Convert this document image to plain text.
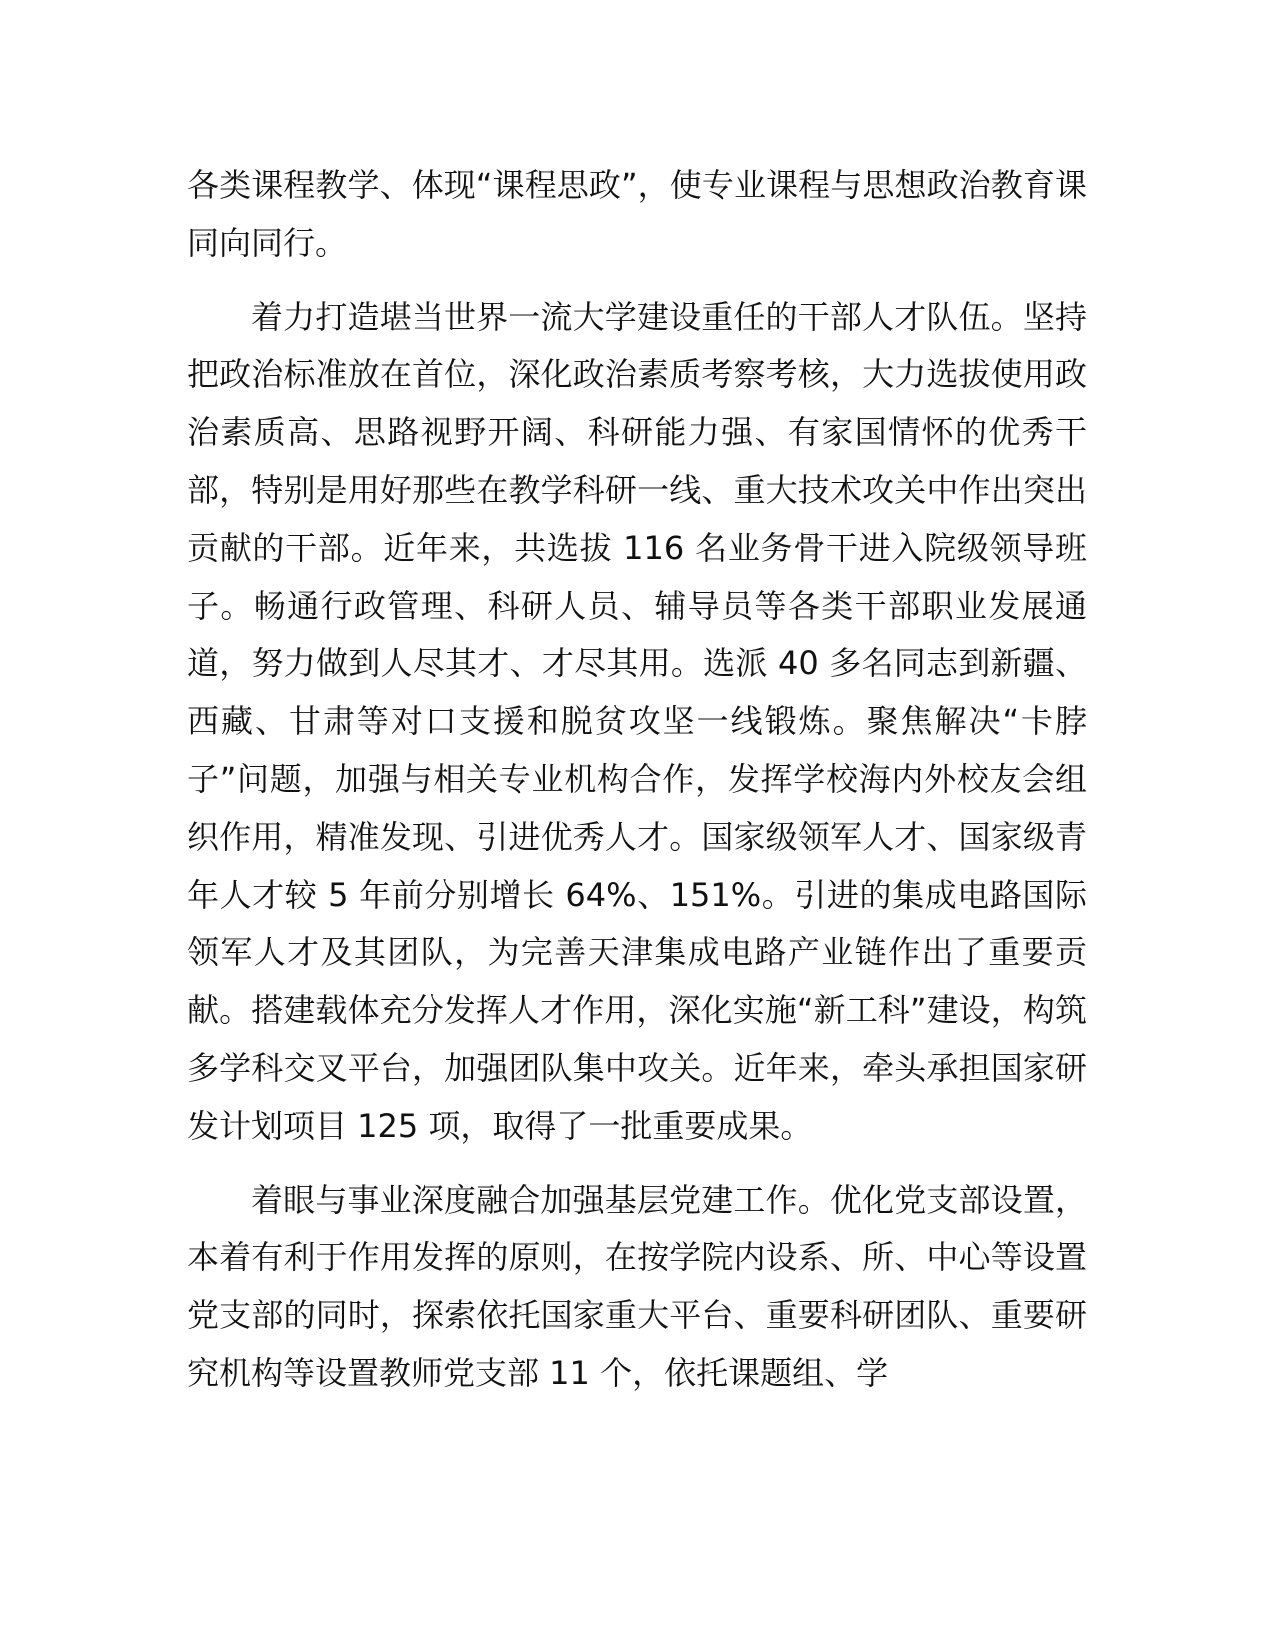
各类课程教学、体现“课程思政”，使专业课程与思想政治教育课同向同行。

着力打造堪当世界一流大学建设重任的干部人才队伍。坚持把政治标准放在首位，深化政治素质考察考核，大力选拔使用政治素质高、思路视野开阔、科研能力强、有家国情怀的优秀干部，特别是用好那些在教学科研一线、重大技术攻关中作出突出贡献的干部。近年来，共选拔 116 名业务骨干进入院级领导班子。畅通行政管理、科研人员、辅导员等各类干部职业发展通道，努力做到人尽其才、才尽其用。选派 40 多名同志到新疆、西藏、甘肃等对口支援和脱贫攻坚一线锻炼。聚焦解决“卡脖子”问题，加强与相关专业机构合作，发挥学校海内外校友会组织作用，精准发现、引进优秀人才。国家级领军人才、国家级青年人才较 5 年前分别增长 64%、151%。引进的集成电路国际领军人才及其团队，为完善天津集成电路产业链作出了重要贡献。搭建载体充分发挥人才作用，深化实施“新工科”建设，构筑多学科交叉平台，加强团队集中攻关。近年来，牵头承担国家研发计划项目 125 项，取得了一批重要成果。

着眼与事业深度融合加强基层党建工作。优化党支部设置，本着有利于作用发挥的原则，在按学院内设系、所、中心等设置党支部的同时，探索依托国家重大平台、重要科研团队、重要研究机构等设置教师党支部 11 个，依托课题组、学
